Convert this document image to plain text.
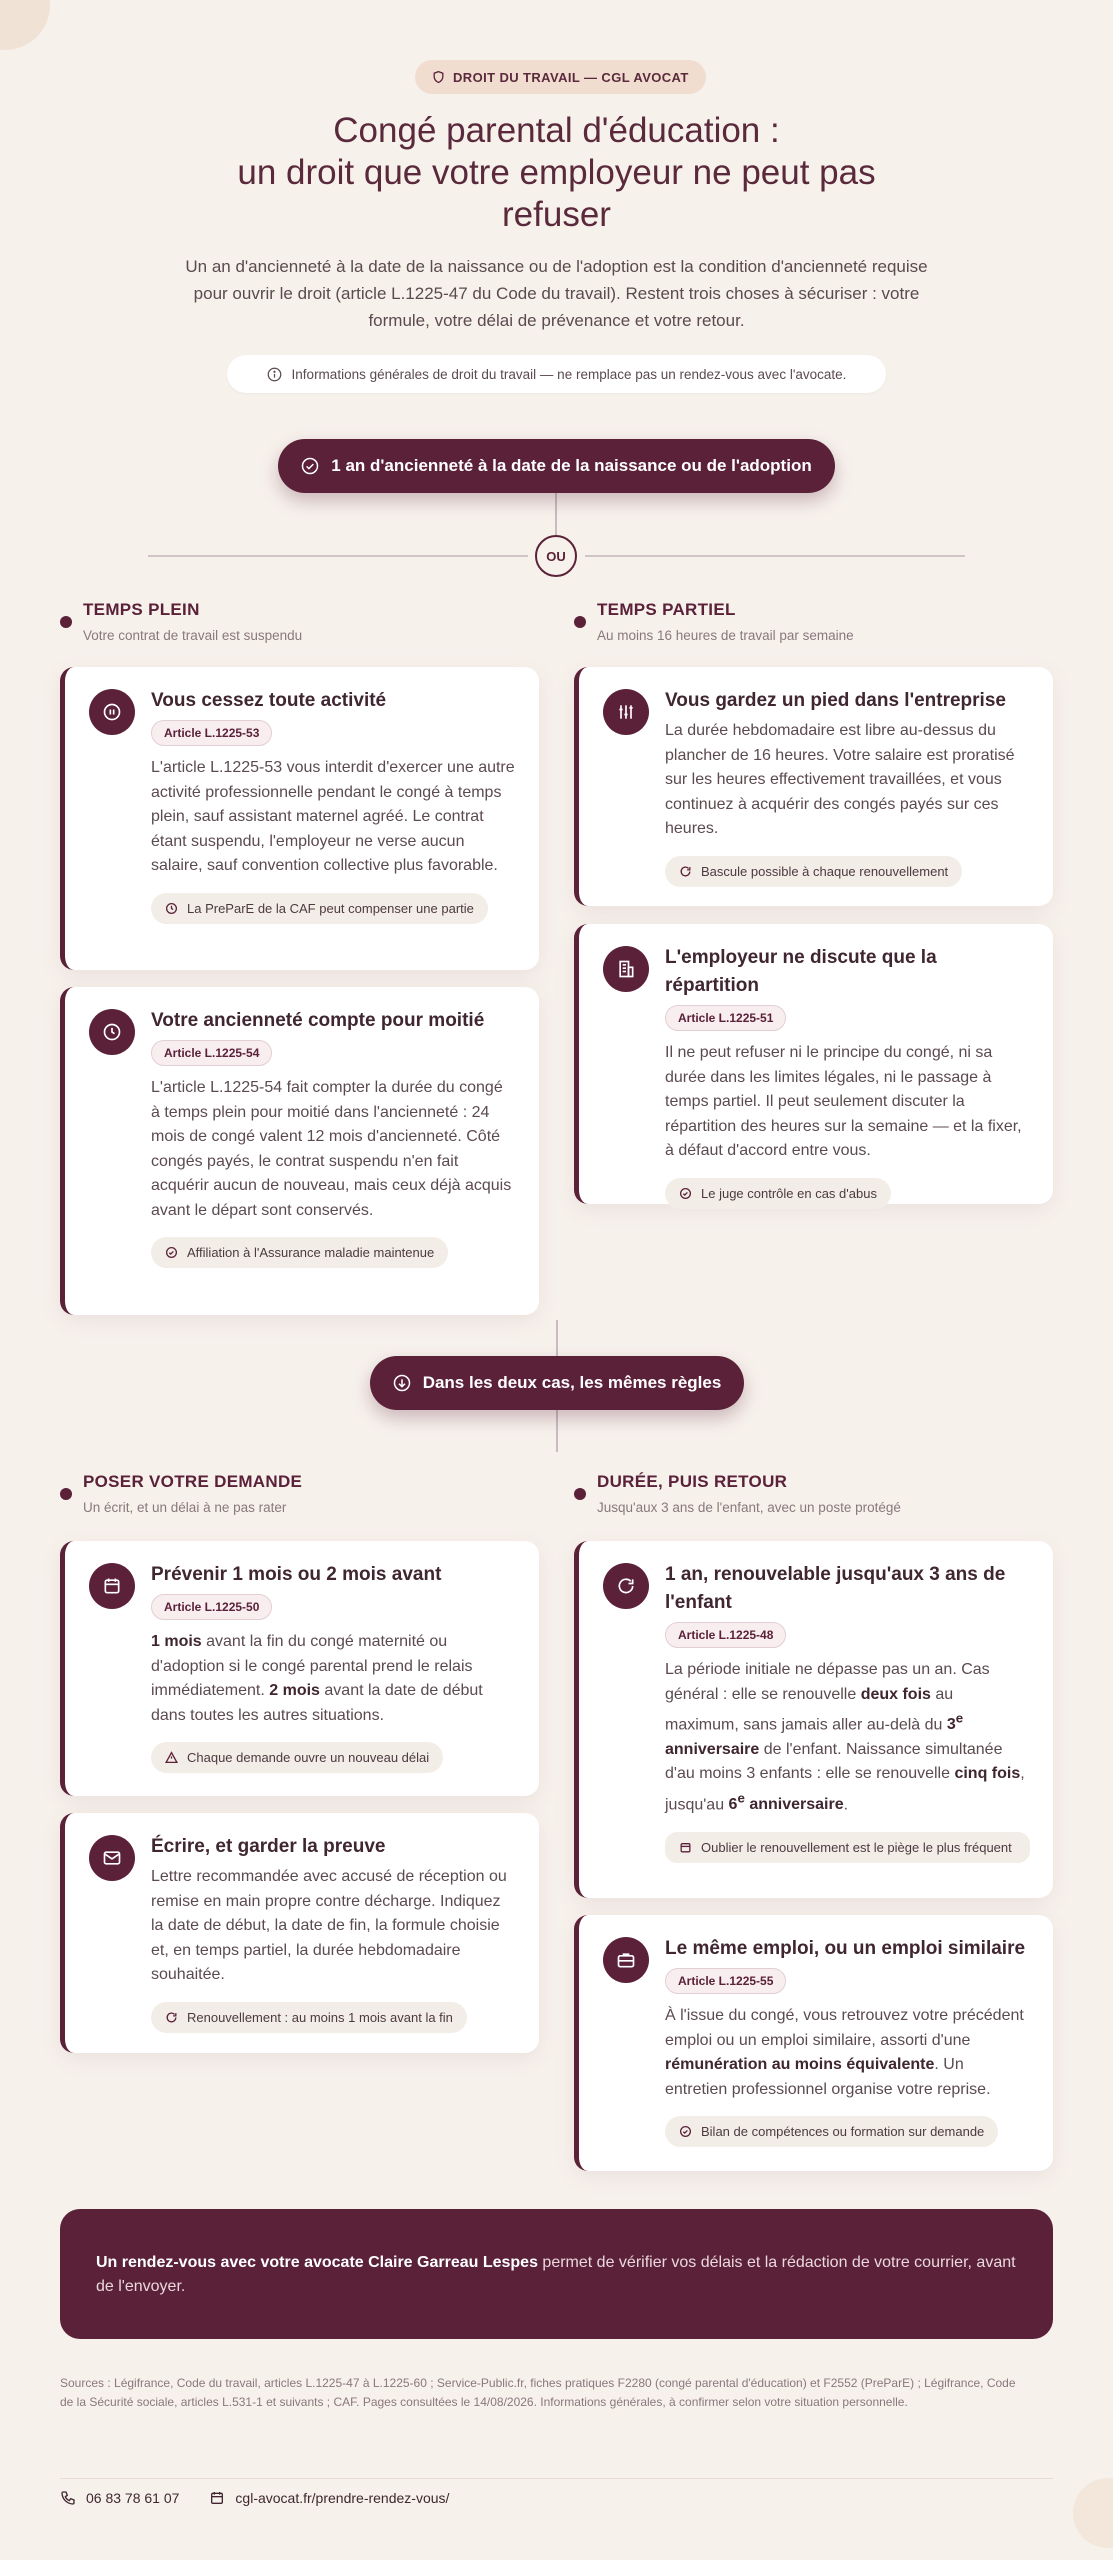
DROIT DU TRAVAIL — CGL AVOCAT
Congé parental d'éducation :
un droit que votre employeur ne peut pas
refuser

Un an d'ancienneté à la date de la naissance ou de l'adoption est la condition d'ancienneté requise pour ouvrir le droit (article L.1225-47 du Code du travail). Restent trois choses à sécuriser : votre formule, votre délai de prévenance et votre retour.

Informations générales de droit du travail — ne remplace pas un rendez-vous avec l'avocate.
1 an d'ancienneté à la date de la naissance ou de l'adoption
OU
TEMPS PLEIN

Votre contrat de travail est suspendu

TEMPS PARTIEL

Au moins 16 heures de travail par semaine

Vous cessez toute activité
Article L.1225-53

L'article L.1225-53 vous interdit d'exercer une autre activité professionnelle pendant le congé à temps plein, sauf assistant maternel agréé. Le contrat étant suspendu, l'employeur ne verse aucun salaire, sauf convention collective plus favorable.

La PreParE de la CAF peut compenser une partie
Votre ancienneté compte pour moitié
Article L.1225-54

L'article L.1225-54 fait compter la durée du congé à temps plein pour moitié dans l'ancienneté : 24 mois de congé valent 12 mois d'ancienneté. Côté congés payés, le contrat suspendu n'en fait acquérir aucun de nouveau, mais ceux déjà acquis avant le départ sont conservés.

Affiliation à l'Assurance maladie maintenue
Vous gardez un pied dans l'entreprise

La durée hebdomadaire est libre au-dessus du plancher de 16 heures. Votre salaire est proratisé sur les heures effectivement travaillées, et vous continuez à acquérir des congés payés sur ces heures.

Bascule possible à chaque renouvellement
L'employeur ne discute que la répartition
Article L.1225-51

Il ne peut refuser ni le principe du congé, ni sa durée dans les limites légales, ni le passage à temps partiel. Il peut seulement discuter la répartition des heures sur la semaine — et la fixer, à défaut d'accord entre vous.

Le juge contrôle en cas d'abus
Dans les deux cas, les mêmes règles
POSER VOTRE DEMANDE

Un écrit, et un délai à ne pas rater

DURÉE, PUIS RETOUR

Jusqu'aux 3 ans de l'enfant, avec un poste protégé

Prévenir 1 mois ou 2 mois avant
Article L.1225-50

1 mois avant la fin du congé maternité ou d'adoption si le congé parental prend le relais immédiatement. 2 mois avant la date de début dans toutes les autres situations.

Chaque demande ouvre un nouveau délai
Écrire, et garder la preuve

Lettre recommandée avec accusé de réception ou remise en main propre contre décharge. Indiquez la date de début, la date de fin, la formule choisie et, en temps partiel, la durée hebdomadaire souhaitée.

Renouvellement : au moins 1 mois avant la fin
1 an, renouvelable jusqu'aux 3 ans de l'enfant
Article L.1225-48

La période initiale ne dépasse pas un an. Cas général : elle se renouvelle deux fois au maximum, sans jamais aller au-delà du 3e anniversaire de l'enfant. Naissance simultanée d'au moins 3 enfants : elle se renouvelle cinq fois, jusqu'au 6e anniversaire.

Oublier le renouvellement est le piège le plus fréquent
Le même emploi, ou un emploi similaire
Article L.1225-55

À l'issue du congé, vous retrouvez votre précédent emploi ou un emploi similaire, assorti d'une rémunération au moins équivalente. Un entretien professionnel organise votre reprise.

Bilan de compétences ou formation sur demande
Un rendez-vous avec votre avocate Claire Garreau Lespes permet de vérifier vos délais et la rédaction de votre courrier, avant de l'envoyer.

Sources : Légifrance, Code du travail, articles L.1225-47 à L.1225-60 ; Service-Public.fr, fiches pratiques F2280 (congé parental d'éducation) et F2552 (PreParE) ; Légifrance, Code de la Sécurité sociale, articles L.531-1 et suivants ; CAF. Pages consultées le 14/08/2026. Informations générales, à confirmer selon votre situation personnelle.

06 83 78 61 07	cgl-avocat.fr/prendre-rendez-vous/
